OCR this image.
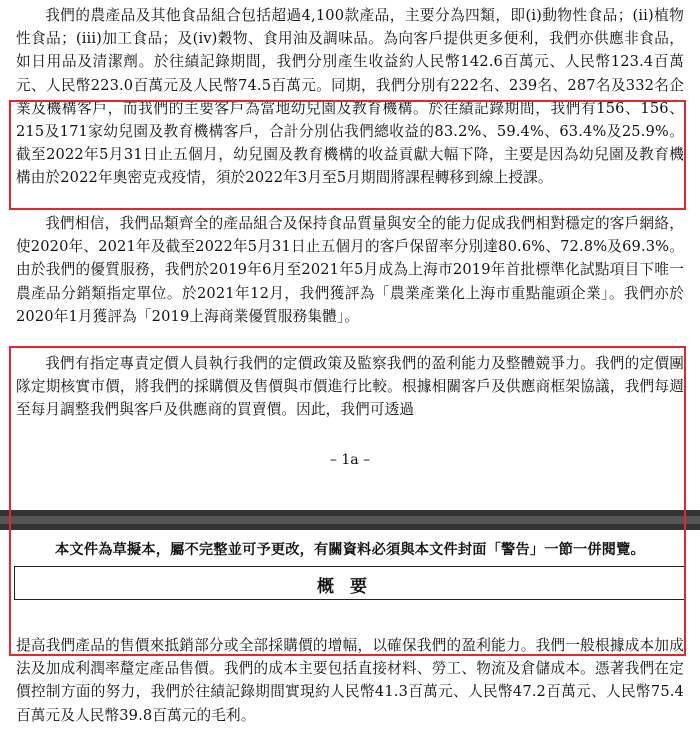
我們的農產品及其他食品組合包括超過4,100款產品，主要分為四類，即(i)動物性食品；(ii)植物性食品；(iii)加工食品；及(iv)穀物、食用油及調味品。為向客戶提供更多便利，我們亦供應非食品，如日用品及清潔劑。於往績記錄期間，我們分別產生收益約人民幣142.6百萬元、人民幣123.4百萬元、人民幣223.0百萬元及人民幣74.5百萬元。同期，我們分別有222名、239名、287名及332名企業及機構客戶，而我們的主要客戶為當地幼兒園及教育機構。於往績記錄期間，我們有156、156、215及171家幼兒園及教育機構客戶，合計分別佔我們總收益的83.2%、59.4%、63.4%及25.9%。截至2022年5月31日止五個月，幼兒園及教育機構的收益貢獻大幅下降，主要是因為幼兒園及教育機構由於2022年奧密克戎疫情，須於2022年3月至5月期間將課程轉移到線上授課。

我們相信，我們品類齊全的產品組合及保持食品質量與安全的能力促成我們相對穩定的客戶網絡，使2020年、2021年及截至2022年5月31日止五個月的客戶保留率分別達80.6%、72.8%及69.3%。由於我們的優質服務，我們於2019年6月至2021年5月成為上海市2019年首批標準化試點項目下唯一農產品分銷類指定單位。於2021年12月，我們獲評為「農業產業化上海市重點龍頭企業」。我們亦於2020年1月獲評為「2019上海商業優質服務集體」。

我們有指定專責定價人員執行我們的定價政策及監察我們的盈利能力及整體競爭力。我們的定價團隊定期核實市價，將我們的採購價及售價與市價進行比較。根據相關客戶及供應商框架協議，我們每週至每月調整我們與客戶及供應商的買賣價。因此，我們可透過

– 1a –
本文件為草擬本，屬不完整並可予更改，有關資料必須與本文件封面「警告」一節一併閱覽。
概要

提高我們產品的售價來抵銷部分或全部採購價的增幅，以確保我們的盈利能力。我們一般根據成本加成法及加成利潤率釐定產品售價。我們的成本主要包括直接材料、勞工、物流及倉儲成本。憑著我們在定價控制方面的努力，我們於往績記錄期間實現約人民幣41.3百萬元、人民幣47.2百萬元、人民幣75.4百萬元及人民幣39.8百萬元的毛利。
